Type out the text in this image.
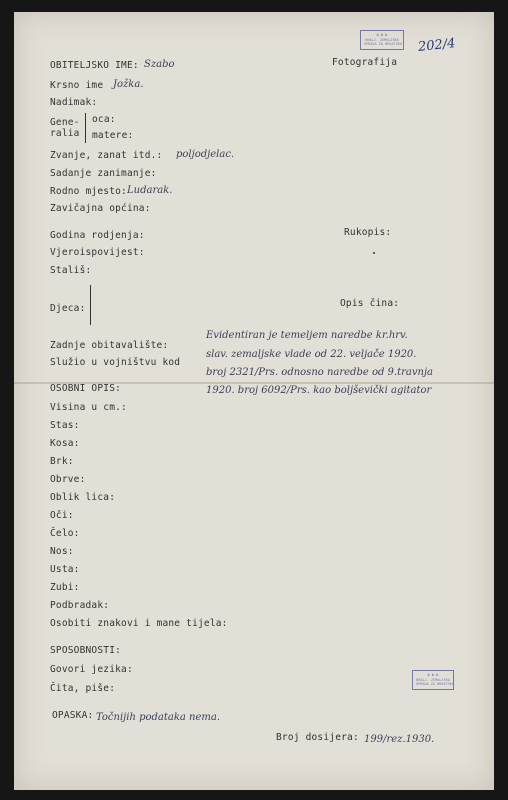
№ № №
KRALJ. ZEMALJSKA
UPRAVA ZA HRVATSKU 202/4
OBITELJSKO IME: Szabo	Fotografija
Krsno ime Jožka.
Nadimak:
Gene-
ralia
oca:
matere:
Zvanje, zanat itd.: poljodjelac.
Sadanje zanimanje:
Rodno mjesto: Ludarak.
Zavičajna općina:
Godina rodjenja:	Rukopis:
Vjeroispovijest:
Stališ:
Djeca:	Opis čina:
Zadnje obitavalište:
Služio u vojništvu kod
Evidentiran je temeljem naredbe kr.hrv.
slav. zemaljske vlade od 22. veljače 1920.
broj 2321/Prs. odnosno naredbe od 9.travnja
1920. broj 6092/Prs. kao boljševički agitator
OSOBNI OPIS:
Visina u cm.:
Stas:
Kosa:
Brk:
Obrve:
Oblik lica:
Oči:
Čelo:
Nos:
Usta:
Zubi:
Podbradak:
Osobiti znakovi i mane tijela:
SPOSOBNOSTI:
Govori jezika:
Čita, piše:
№ № №
KRALJ. ZEMALJSKA
UPRAVA ZA HRVATSKU
OPASKA: Točnijih podataka nema.
Broj dosijera: 199/rez.1930.
